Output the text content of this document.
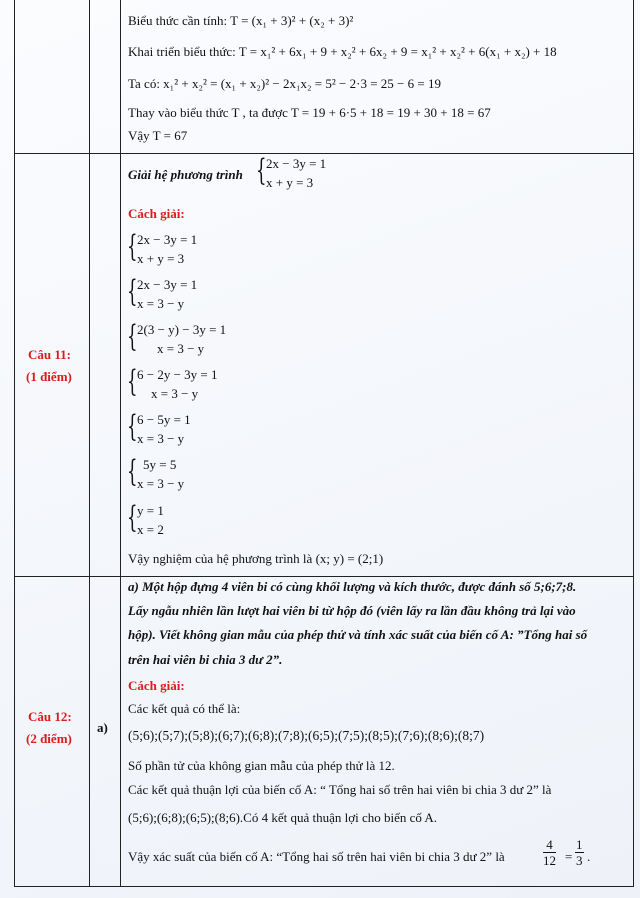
Biểu thức cần tính: T = (x₁ + 3)² + (x₂ + 3)²
Khai triển biểu thức: T = x₁² + 6x₁ + 9 + x₂² + 6x₂ + 9 = x₁² + x₂² + 6(x₁ + x₂) + 18
Ta có: x₁² + x₂² = (x₁ + x₂)² − 2x₁x₂ = 5² − 2·3 = 25 − 6 = 19
Thay vào biểu thức T , ta được T = 19 + 6·5 + 18 = 19 + 30 + 18 = 67
Vậy T = 67
Câu 11:
(1 điểm)
Giải hệ phương trình { 2x − 3y = 1
x + y = 3
Cách giải:
{ 2x − 3y = 1
x + y = 3
{ 2x − 3y = 1
x = 3 − y
{ 2(3 − y) − 3y = 1
x = 3 − y
{ 6 − 2y − 3y = 1
x = 3 − y
{ 6 − 5y = 1
x = 3 − y
{ 5y = 5
x = 3 − y
{ y = 1
x = 2
Vậy nghiệm của hệ phương trình là (x; y) = (2;1)
Câu 12:
(2 điểm)
a)
a) Một hộp đựng 4 viên bi có cùng khối lượng và kích thước, được đánh số 5;6;7;8.
Lấy ngẫu nhiên lần lượt hai viên bi từ hộp đó (viên lấy ra lần đầu không trả lại vào
hộp). Viết không gian mẫu của phép thử và tính xác suất của biến cố A: ”Tổng hai số
trên hai viên bi chia 3 dư 2”.
Cách giải:
Các kết quả có thể là:
(5;6);(5;7);(5;8);(6;7);(6;8);(7;8);(6;5);(7;5);(8;5);(7;6);(8;6);(8;7)
Số phần tử của không gian mẫu của phép thử là 12.
Các kết quả thuận lợi của biến cố A: “ Tổng hai số trên hai viên bi chia 3 dư 2” là
(5;6);(6;8);(6;5);(8;6).Có 4 kết quả thuận lợi cho biến cố A.
Vậy xác suất của biến cố A: “Tổng hai số trên hai viên bi chia 3 dư 2” là	$\frac{4}{12} = \frac{1}{3}$ .
